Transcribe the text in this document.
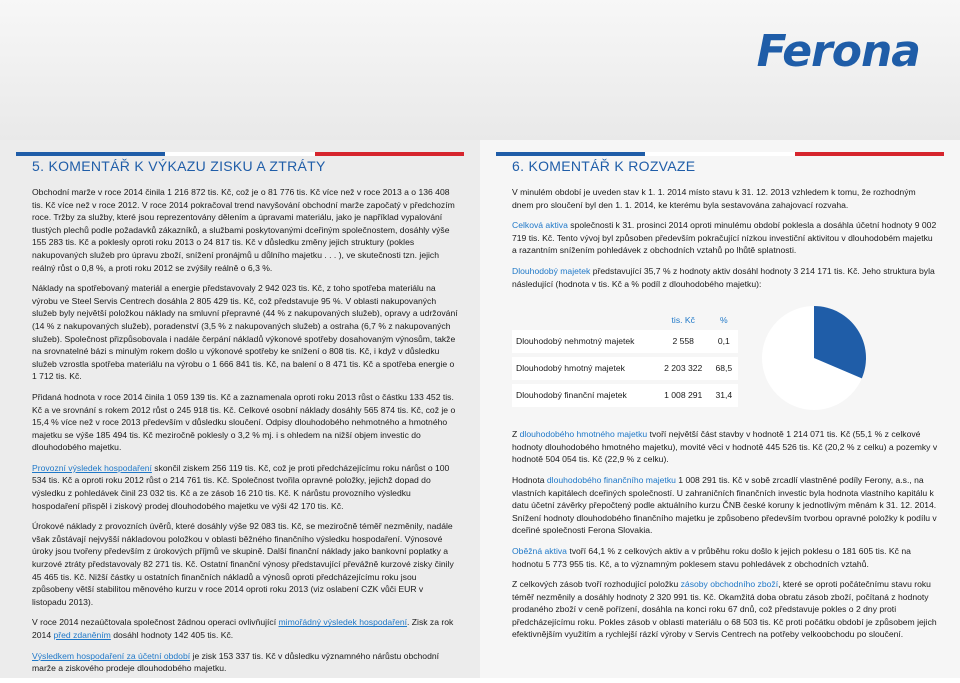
Ferona
5. KOMENTÁŘ K VÝKAZU ZISKU A ZTRÁTY

Obchodní marže v roce 2014 činila 1 216 872 tis. Kč, což je o 81 776 tis. Kč více než v roce 2013 a o 136 408 tis. Kč více než v roce 2012. V roce 2014 pokračoval trend navyšování obchodní marže započatý v předchozím roce. Tržby za služby, které jsou reprezentovány dělením a úpravami materiálu, jako je například vypalování tlustých plechů podle požadavků zákazníků, a službami poskytovanými dceřiným společnostem, dosáhly výše 155 283 tis. Kč a poklesly oproti roku 2013 o 24 817 tis. Kč v důsledku změny jejich struktury (pokles nakupovaných služeb pro úpravu zboží, snížení pronájmů u důlního majetku . . . ), ve skutečnosti tzn. jejich reálný růst o 0,8 %, a proti roku 2012 se zvýšily reálně o 6,3 %.

Náklady na spotřebovaný materiál a energie představovaly 2 942 023 tis. Kč, z toho spotřeba materiálu na výrobu ve Steel Servis Centrech dosáhla 2 805 429 tis. Kč, což představuje 95 %. V oblasti nakupovaných služeb byly největší položkou náklady na smluvní přepravné (44 % z nakupovaných služeb), opravy a udržování (14 % z nakupovaných služeb), poradenství (3,5 % z nakupovaných služeb) a ostraha (6,7 % z nakupovaných služeb). Společnost přizpůsobovala i nadále čerpání nákladů výkonové spotřeby dosahovaným výnosům, takže na srovnatelné bázi s minulým rokem došlo u výkonové spotřeby ke snížení o 808 tis. Kč, i když v důsledku služeb vzrostla spotřeba materiálu na výrobu o 1 666 841 tis. Kč, na balení o 8 471 tis. Kč a spotřeba energie o 1 712 tis. Kč.

Přidaná hodnota v roce 2014 činila 1 059 139 tis. Kč a zaznamenala oproti roku 2013 růst o částku 133 452 tis. Kč a ve srovnání s rokem 2012 růst o 245 918 tis. Kč. Celkové osobní náklady dosáhly 565 874 tis. Kč, což je o 15,4 % více než v roce 2013 především v důsledku sloučení. Odpisy dlouhodobého nehmotného a hmotného majetku se výše 185 494 tis. Kč meziročně poklesly o 3,2 % mj. i s ohledem na nižší objem investic do dlouhodobého majetku.

Provozní výsledek hospodaření skončil ziskem 256 119 tis. Kč, což je proti předcházejícímu roku nárůst o 100 534 tis. Kč a oproti roku 2012 růst o 214 761 tis. Kč. Společnost tvořila opravné položky, jejichž dopad do výsledku z pohledávek činil 23 032 tis. Kč a ze zásob 16 210 tis. Kč. K nárůstu provozního výsledku hospodaření přispěl i ziskový prodej dlouhodobého majetku ve výši 42 170 tis. Kč.

Úrokové náklady z provozních úvěrů, které dosáhly výše 92 083 tis. Kč, se meziročně téměř nezměnily, nadále však zůstávají nejvyšší nákladovou položkou v oblasti běžného finančního výsledku hospodaření. Výnosové úroky jsou tvořeny především z úrokových příjmů ve skupině. Další finanční náklady jako bankovní poplatky a kurzové ztráty představovaly 82 271 tis. Kč. Ostatní finanční výnosy představující převážně kurzové zisky činily 45 465 tis. Kč. Nižší částky u ostatních finančních nákladů a výnosů oproti předcházejícímu roku jsou způsobeny větší stabilitou měnového kurzu v roce 2014 oproti roku 2013 (viz oslabení CZK vůči EUR v listopadu 2013).

V roce 2014 nezaúčtovala společnost žádnou operaci ovlivňující mimořádný výsledek hospodaření. Zisk za rok 2014 před zdaněním dosáhl hodnoty 142 405 tis. Kč.

Výsledkem hospodaření za účetní období je zisk 153 337 tis. Kč v důsledku významného nárůstu obchodní marže a ziskového prodeje dlouhodobého majetku.

6. KOMENTÁŘ K ROZVAZE

V minulém období je uveden stav k 1. 1. 2014 místo stavu k 31. 12. 2013 vzhledem k tomu, že rozhodným dnem pro sloučení byl den 1. 1. 2014, ke kterému byla sestavována zahajovací rozvaha.

Celková aktiva společnosti k 31. prosinci 2014 oproti minulému období poklesla a dosáhla účetní hodnoty 9 002 719 tis. Kč. Tento vývoj byl způsoben především pokračující nízkou investiční aktivitou v dlouhodobém majetku a razantním snížením pohledávek z obchodních vztahů po lhůtě splatnosti.

Dlouhodobý majetek představující 35,7 % z hodnoty aktiv dosáhl hodnoty 3 214 171 tis. Kč. Jeho struktura byla následující (hodnota v tis. Kč a % podíl z dlouhodobého majetku):

	tis. Kč	%
Dlouhodobý nehmotný majetek	2 558	0,1
Dlouhodobý hmotný majetek	2 203 322	68,5
Dlouhodobý finanční majetek	1 008 291	31,4

Z dlouhodobého hmotného majetku tvoří největší část stavby v hodnotě 1 214 071 tis. Kč (55,1 % z celkové hodnoty dlouhodobého hmotného majetku), movité věci v hodnotě 445 526 tis. Kč (20,2 % z celku) a pozemky v hodnotě 504 054 tis. Kč (22,9 % z celku).

Hodnota dlouhodobého finančního majetku 1 008 291 tis. Kč v sobě zrcadlí vlastněné podíly Ferony, a.s., na vlastních kapitálech dceřiných společností. U zahraničních finančních investic byla hodnota vlastního kapitálu k datu účetní závěrky přepočtený podle aktuálního kurzu ČNB české koruny k jednotlivým měnám k 31. 12. 2014. Snížení hodnoty dlouhodobého finančního majetku je způsobeno především tvorbou opravné položky k podílu v dceřiné společnosti Ferona Slovakia.

Oběžná aktiva tvoří 64,1 % z celkových aktiv a v průběhu roku došlo k jejich poklesu o 181 605 tis. Kč na hodnotu 5 773 955 tis. Kč, a to významným poklesem stavu pohledávek z obchodních vztahů.

Z celkových zásob tvoří rozhodující položku zásoby obchodního zboží, které se oproti počátečnímu stavu roku téměř nezměnily a dosáhly hodnoty 2 320 991 tis. Kč. Okamžitá doba obratu zásob zboží, počítaná z hodnoty prodaného zboží v ceně pořízení, dosáhla na konci roku 67 dnů, což představuje pokles o 2 dny proti předcházejícímu roku. Pokles zásob v oblasti materiálu o 68 503 tis. Kč proti počátku období je způsobem jejich efektivnějším využitím a rychlejší rázkí výroby v Servis Centrech na potřeby velkoobchodu po sloučení.
